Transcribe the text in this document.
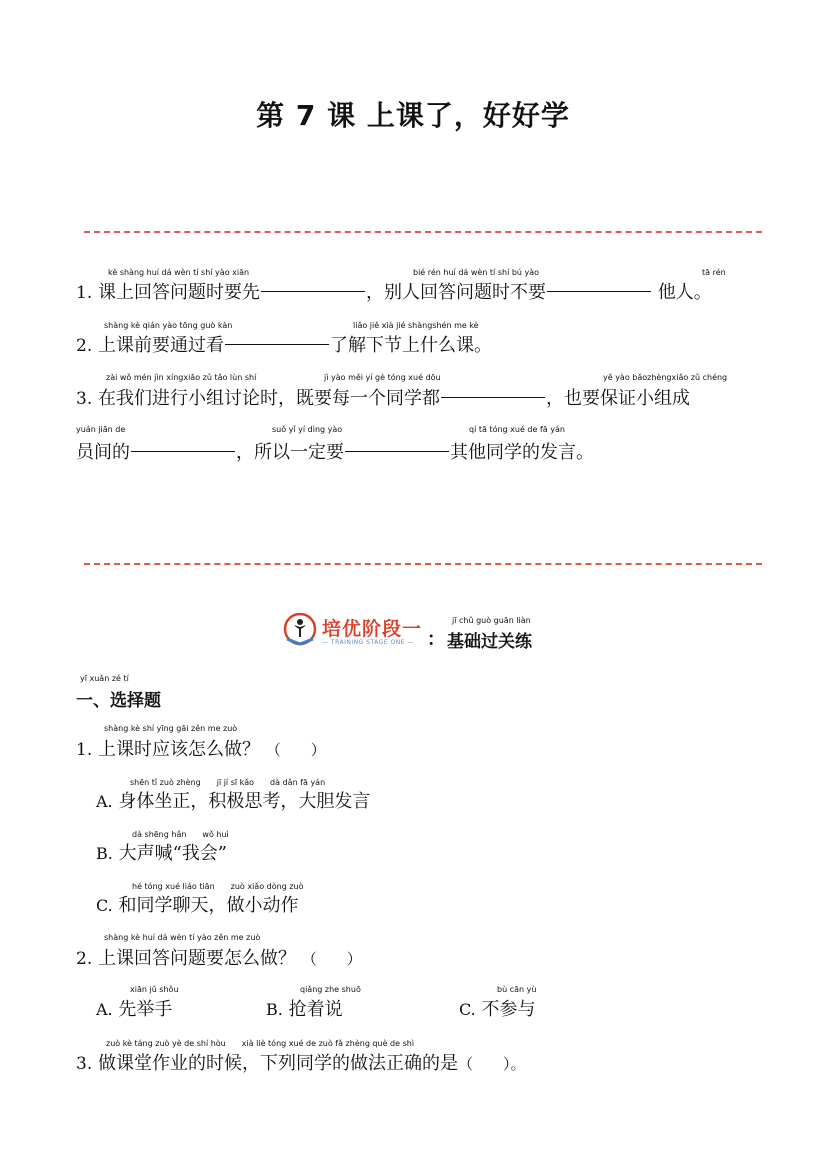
第 7 课 上课了，好好学
kè shàng huí dá wèn tí shí yào xiān	bié rén huí dá wèn tí shí bú yào	tā rén
1. 课上回答问题时要先	，别人回答问题时不要	他人。
shàng kè qián yào tōng guò kàn	liǎo jiě xià jié shàngshén me kè
2. 上课前要通过看	了解下节上什么课。
zài wǒ mén jìn xíngxiǎo zǔ tǎo lùn shí	jì yào měi yí gè tóng xué dōu	yě yào bǎozhèngxiǎo zǔ chéng
3. 在我们进行小组讨论时，既要每一个同学都	，也要保证小组成
yuán jiān de	suǒ yǐ yí dìng yào	qí tā tóng xué de fā yán
员间的	，所以一定要	其他同学的发言。
培优阶段一
— TRAINING STAGE ONE — ：
jī chǔ guò guān liàn
基础过关练
yī xuǎn zé tí
一、选择题
shàng kè shí yīng gāi zěn me zuò
1. 上课时应该怎么做？ （　　）
shēn tǐ zuò zhèng　　jī jí sī kǎo　　dà dǎn fā yán
A. 身体坐正，积极思考，大胆发言
dà shēng hǎn　　wǒ huì
B. 大声喊“我会”
hé tóng xué liáo tiān　　zuò xiǎo dòng zuò
C. 和同学聊天，做小动作
shàng kè huí dá wèn tí yào zěn me zuò
2. 上课回答问题要怎么做？ （　　）
xiān jǔ shǒu
A. 先举手
qiǎng zhe shuō
B. 抢着说
bù cān yù
C. 不参与
zuò kè táng zuò yè de shí hòu　　xià liè tóng xué de zuò fǎ zhèng què de shì
3. 做课堂作业的时候，下列同学的做法正确的是（　　）。
